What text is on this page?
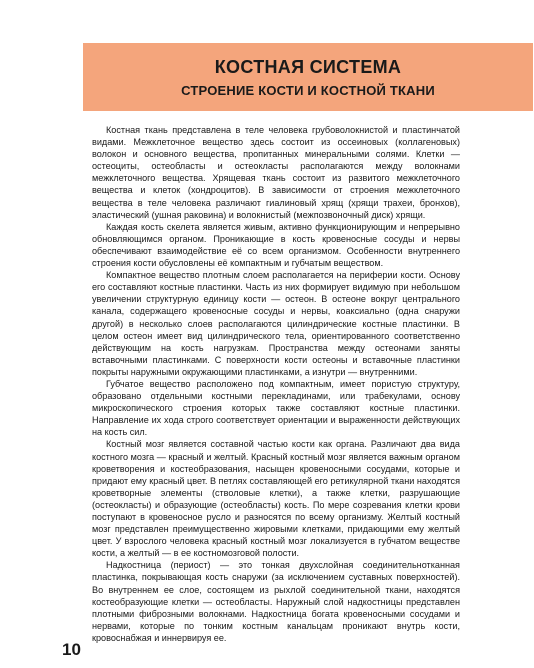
КОСТНАЯ СИСТЕМА
СТРОЕНИЕ КОСТИ И КОСТНОЙ ТКАНИ

Костная ткань представлена в теле человека грубоволокнистой и пластинчатой видами. Межклеточное вещество здесь состоит из оссеиновых (коллагеновых) волокон и основного вещества, пропитанных минеральными солями. Клетки — остеоциты, остеобласты и остеокласты располагаются между волокнами межклеточного вещества. Хрящевая ткань состоит из развитого межклеточного вещества и клеток (хондроцитов). В зависимости от строения межклеточного вещества в теле человека различают гиалиновый хрящ (хрящи трахеи, бронхов), эластический (ушная раковина) и волокнистый (межпозвоночный диск) хрящи.

Каждая кость скелета является живым, активно функционирующим и непрерывно обновляющимся органом. Проникающие в кость кровеносные сосуды и нервы обеспечивают взаимодействие её со всем организмом. Особенности внутреннего строения кости обусловлены её компактным и губчатым веществом.

Компактное вещество плотным слоем располагается на периферии кости. Основу его составляют костные пластинки. Часть из них формирует видимую при небольшом увеличении структурную единицу кости — остеон. В остеоне вокруг центрального канала, содержащего кровеносные сосуды и нервы, коаксиально (одна снаружи другой) в несколько слоев располагаются цилиндрические костные пластинки. В целом остеон имеет вид цилиндрического тела, ориентированного соответственно действующим на кость нагрузкам. Пространства между остеонами заняты вставочными пластинками. С поверхности кости остеоны и вставочные пластинки покрыты наружными окружающими пластинками, а изнутри — внутренними.

Губчатое вещество расположено под компактным, имеет пористую структуру, образовано отдельными костными перекладинами, или трабекулами, основу микроскопического строения которых также составляют костные пластинки. Направление их хода строго соответствует ориентации и выраженности действующих на кость сил.

Костный мозг является составной частью кости как органа. Различают два вида костного мозга — красный и желтый. Красный костный мозг является важным органом кроветворения и костеобразования, насыщен кровеносными сосудами, которые и придают ему красный цвет. В петлях составляющей его ретикулярной ткани находятся кроветворные элементы (стволовые клетки), а также клетки, разрушающие (остеокласты) и образующие (остеобласты) кость. По мере созревания клетки крови поступают в кровеносное русло и разносятся по всему организму. Желтый костный мозг представлен преимущественно жировыми клетками, придающими ему желтый цвет. У взрослого человека красный костный мозг локализуется в губчатом веществе кости, а желтый — в ее костномозговой полости.

Надкостница (периост) — это тонкая двухслойная соединительнотканная пластинка, покрывающая кость снаружи (за исключением суставных поверхностей). Во внутреннем ее слое, состоящем из рыхлой соединительной ткани, находятся костеобразующие клетки — остеобласты. Наружный слой надкостницы представлен плотными фиброзными волокнами. Надкостница богата кровеносными сосудами и нервами, которые по тонким костным канальцам проникают внутрь кости, кровоснабжая и иннервируя ее.

10
